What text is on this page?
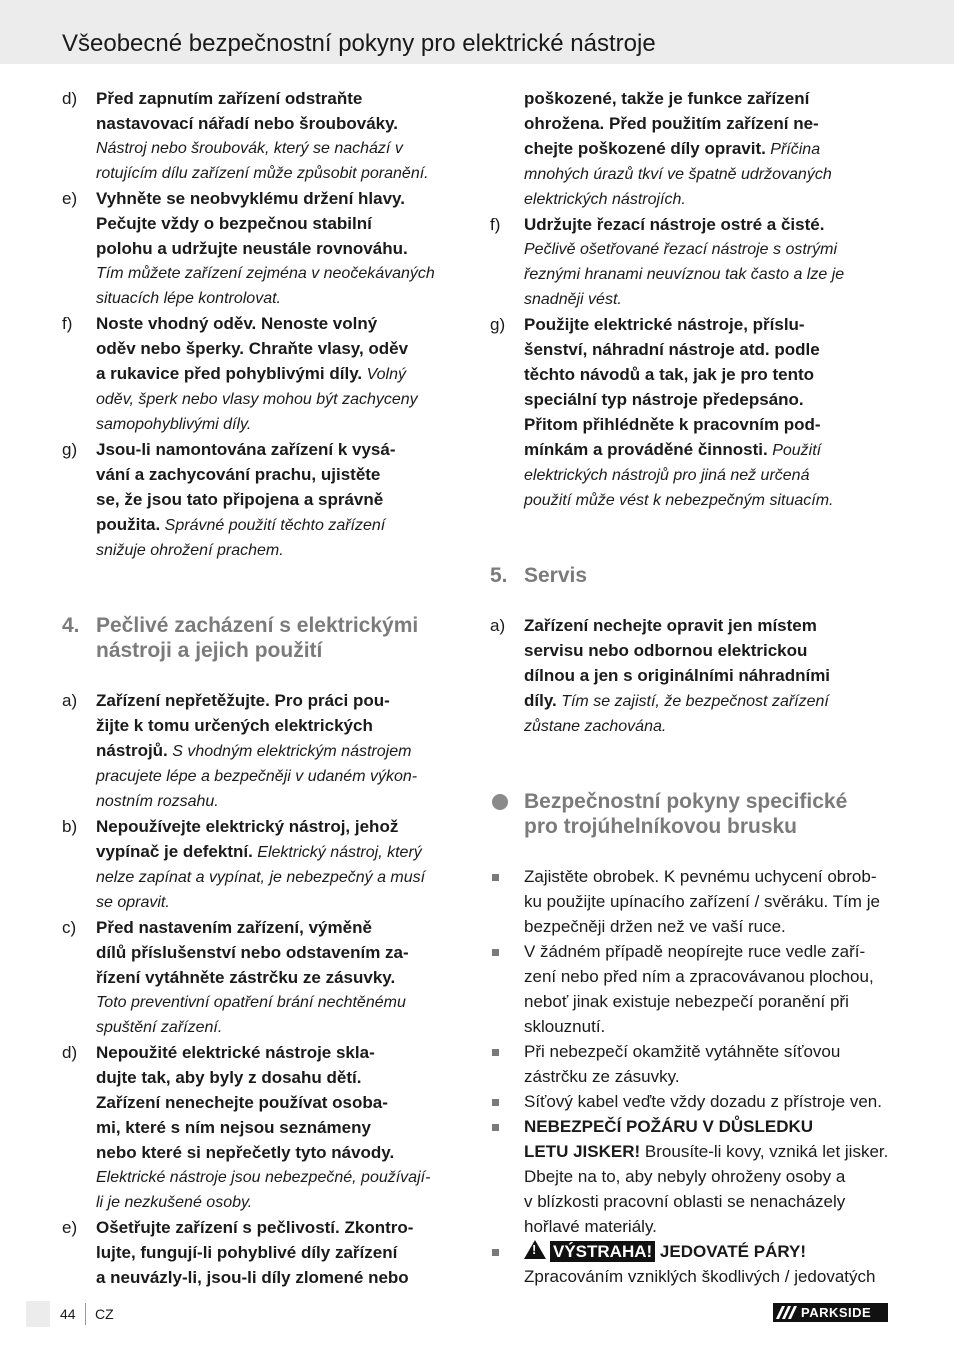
Všeobecné bezpečnostní pokyny pro elektrické nástroje
d) Před zapnutím zařízení odstraňte
nastavovací nářadí nebo šroubováky.
Nástroj nebo šroubovák, který se nachází v
rotujícím dílu zařízení může způsobit poranění.
e) Vyhněte se neobvyklému držení hlavy.
Pečujte vždy o bezpečnou stabilní
polohu a udržujte neustále rovnováhu.
Tím můžete zařízení zejména v neočekávaných
situacích lépe kontrolovat.
f) Noste vhodný oděv. Nenoste volný
oděv nebo šperky. Chraňte vlasy, oděv
a rukavice před pohyblivými díly. Volný
oděv, šperk nebo vlasy mohou být zachyceny
samopohyblivými díly.
g) Jsou-li namontována zařízení k vysá-
vání a zachycování prachu, ujistěte
se, že jsou tato připojena a správně
použita. Správné použití těchto zařízení
snižuje ohrožení prachem.
4. Pečlivé zacházení s elektrickými
nástroji a jejich použití
a) Zařízení nepřetěžujte. Pro práci pou-
žijte k tomu určených elektrických
nástrojů. S vhodným elektrickým nástrojem
pracujete lépe a bezpečněji v udaném výkon-
nostním rozsahu.
b) Nepoužívejte elektrický nástroj, jehož
vypínač je defektní. Elektrický nástroj, který
nelze zapínat a vypínat, je nebezpečný a musí
se opravit.
c) Před nastavením zařízení, výměně
dílů příslušenství nebo odstavením za-
řízení vytáhněte zástrčku ze zásuvky.
Toto preventivní opatření brání nechtěnému
spuštění zařízení.
d) Nepoužité elektrické nástroje skla-
dujte tak, aby byly z dosahu dětí.
Zařízení nenechejte používat osoba-
mi, které s ním nejsou seznámeny
nebo které si nepřečetly tyto návody.
Elektrické nástroje jsou nebezpečné, používají-
li je nezkušené osoby.
e) Ošetřujte zařízení s pečlivostí. Zkontro-
lujte, fungují-li pohyblivé díly zařízení
a neuvázly-li, jsou-li díly zlomené nebo
poškozené, takže je funkce zařízení
ohrožena. Před použitím zařízení ne-
chejte poškozené díly opravit. Příčina
mnohých úrazů tkví ve špatně udržovaných
elektrických nástrojích.
f) Udržujte řezací nástroje ostré a čisté.
Pečlivě ošetřované řezací nástroje s ostrými
řeznými hranami neuvíznou tak často a lze je
snadněji vést.
g) Použijte elektrické nástroje, příslu-
šenství, náhradní nástroje atd. podle
těchto návodů a tak, jak je pro tento
speciální typ nástroje předepsáno.
Přitom přihlédněte k pracovním pod-
mínkám a prováděné činnosti. Použití
elektrických nástrojů pro jiná než určená
použití může vést k nebezpečným situacím.
5. Servis
a) Zařízení nechejte opravit jen místem
servisu nebo odbornou elektrickou
dílnou a jen s originálními náhradními
díly. Tím se zajistí, že bezpečnost zařízení
zůstane zachována.
Bezpečnostní pokyny specifické
pro trojúhelníkovou brusku
Zajistěte obrobek. K pevnému uchycení obrob-
ku použijte upínacího zařízení / svěráku. Tím je
bezpečněji držen než ve vaší ruce.
V žádném případě neopírejte ruce vedle zaří-
zení nebo před ním a zpracovávanou plochou,
neboť jinak existuje nebezpečí poranění při
sklouznutí.
Při nebezpečí okamžitě vytáhněte síťovou
zástrčku ze zásuvky.
Síťový kabel veďte vždy dozadu z přístroje ven.
NEBEZPEČÍ POŽÁRU V DŮSLEDKU
LETU JISKER! Brousíte-li kovy, vzniká let jisker.
Dbejte na to, aby nebyly ohroženy osoby a
v blízkosti pracovní oblasti se nenacházely
hořlavé materiály.
!VÝSTRAHA! JEDOVATÉ PÁRY!
Zpracováním vzniklých škodlivých / jedovatých
44 CZ	PARKSIDE
